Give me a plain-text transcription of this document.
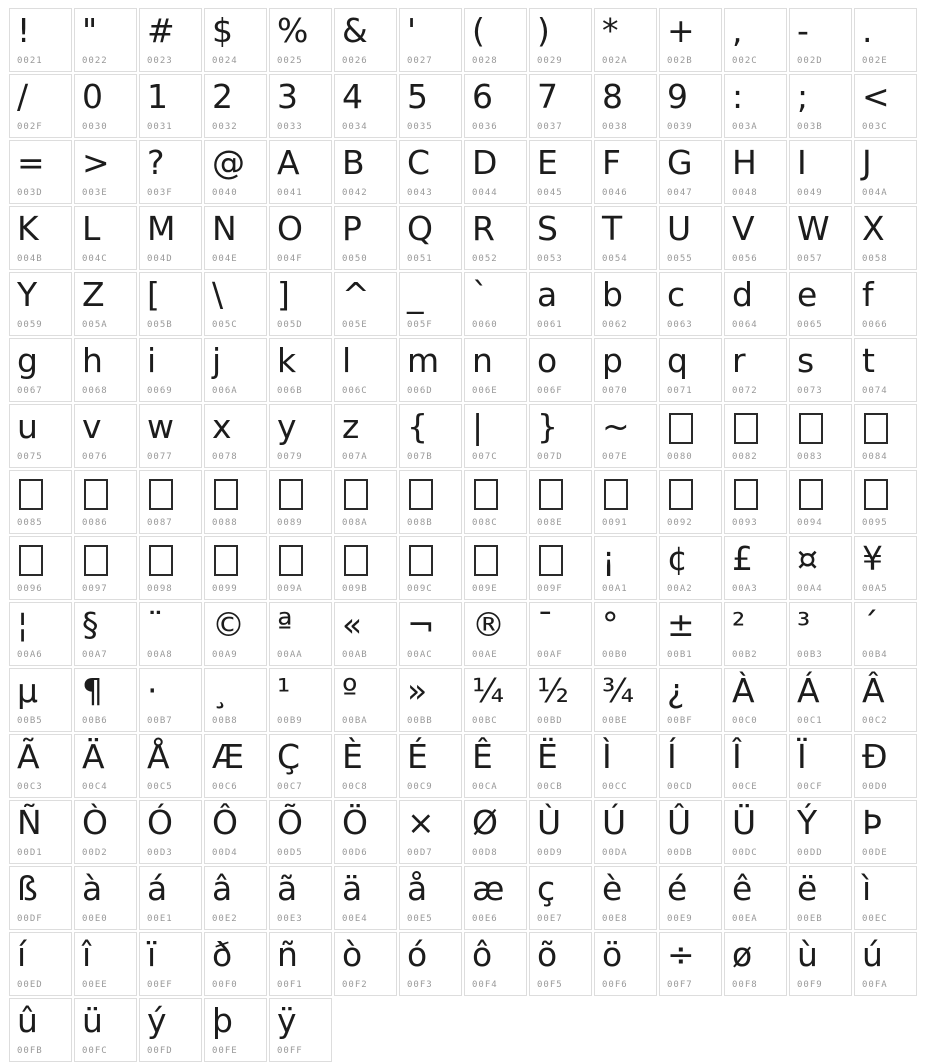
!
0021
"
0022
#
0023
$
0024
%
0025
&
0026
'
0027
(
0028
)
0029
*
002A
+
002B
,
002C
-
002D
.
002E
/
002F
0
0030
1
0031
2
0032
3
0033
4
0034
5
0035
6
0036
7
0037
8
0038
9
0039
:
003A
;
003B
<
003C
=
003D
>
003E
?
003F
@
0040
A
0041
B
0042
C
0043
D
0044
E
0045
F
0046
G
0047
H
0048
I
0049
J
004A
K
004B
L
004C
M
004D
N
004E
O
004F
P
0050
Q
0051
R
0052
S
0053
T
0054
U
0055
V
0056
W
0057
X
0058
Y
0059
Z
005A
[
005B
\
005C
]
005D
^
005E
_
005F
`
0060
a
0061
b
0062
c
0063
d
0064
e
0065
f
0066
g
0067
h
0068
i
0069
j
006A
k
006B
l
006C
m
006D
n
006E
o
006F
p
0070
q
0071
r
0072
s
0073
t
0074
u
0075
v
0076
w
0077
x
0078
y
0079
z
007A
{
007B
|
007C
}
007D
~
007E	0080	0082	0083	0084
0085	0086	0087	0088	0089	008A	008B	008C	008E	0091	0092	0093	0094	0095
0096	0097	0098	0099	009A	009B	009C	009E	009F
¡
00A1
¢
00A2
£
00A3
¤
00A4
¥
00A5
¦
00A6
§
00A7
¨
00A8
©
00A9
ª
00AA
«
00AB
¬
00AC
®
00AE
¯
00AF
°
00B0
±
00B1
²
00B2
³
00B3
´
00B4
µ
00B5
¶
00B6
·
00B7
¸
00B8
¹
00B9
º
00BA
»
00BB
¼
00BC
½
00BD
¾
00BE
¿
00BF
À
00C0
Á
00C1
Â
00C2
Ã
00C3
Ä
00C4
Å
00C5
Æ
00C6
Ç
00C7
È
00C8
É
00C9
Ê
00CA
Ë
00CB
Ì
00CC
Í
00CD
Î
00CE
Ï
00CF
Ð
00D0
Ñ
00D1
Ò
00D2
Ó
00D3
Ô
00D4
Õ
00D5
Ö
00D6
×
00D7
Ø
00D8
Ù
00D9
Ú
00DA
Û
00DB
Ü
00DC
Ý
00DD
Þ
00DE
ß
00DF
à
00E0
á
00E1
â
00E2
ã
00E3
ä
00E4
å
00E5
æ
00E6
ç
00E7
è
00E8
é
00E9
ê
00EA
ë
00EB
ì
00EC
í
00ED
î
00EE
ï
00EF
ð
00F0
ñ
00F1
ò
00F2
ó
00F3
ô
00F4
õ
00F5
ö
00F6
÷
00F7
ø
00F8
ù
00F9
ú
00FA
û
00FB
ü
00FC
ý
00FD
þ
00FE
ÿ
00FF
